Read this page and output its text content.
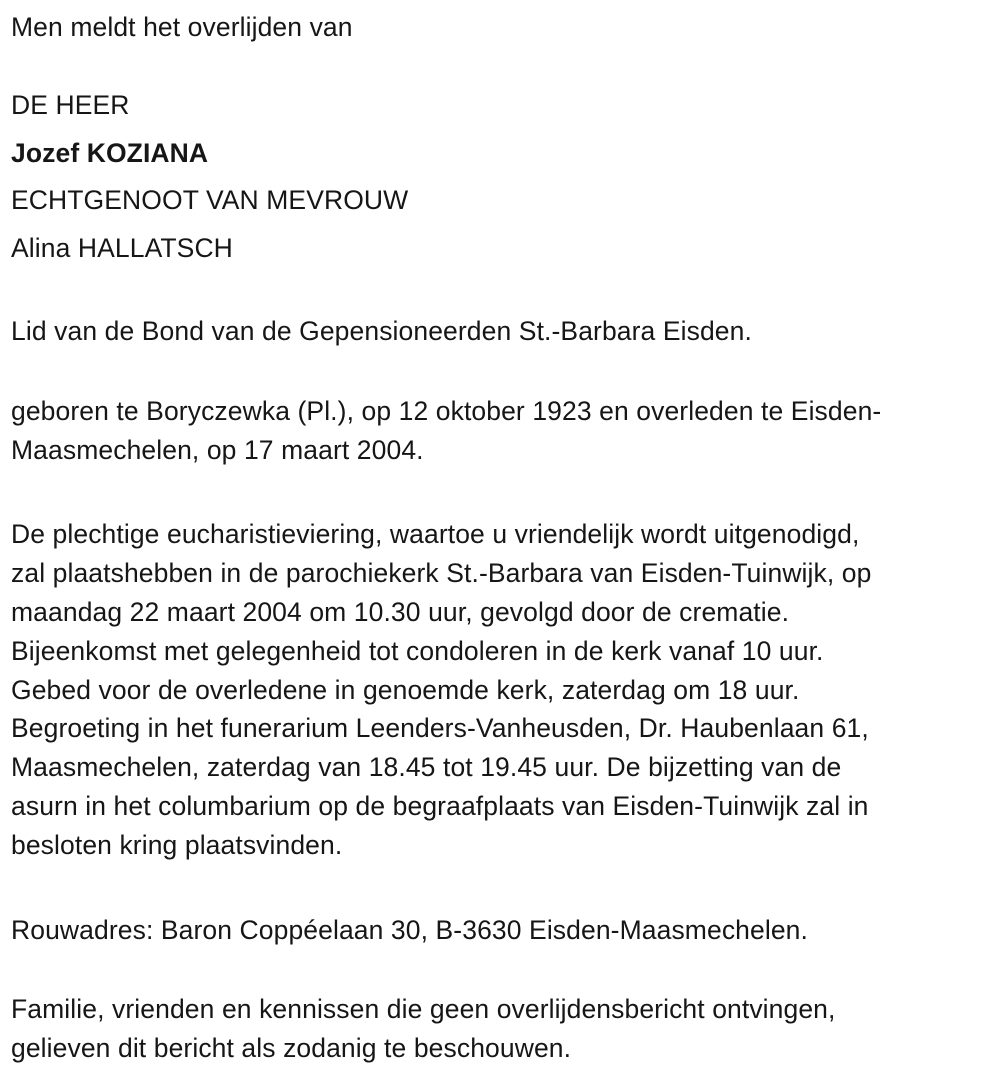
Men meldt het overlijden van
DE HEER
Jozef KOZIANA
ECHTGENOOT VAN MEVROUW
Alina HALLATSCH
Lid van de Bond van de Gepensioneerden St.-Barbara Eisden.
geboren te Boryczewka (Pl.), op 12 oktober 1923 en overleden te Eisden-
Maasmechelen, op 17 maart 2004.
De plechtige eucharistieviering, waartoe u vriendelijk wordt uitgenodigd,
zal plaatshebben in de parochiekerk St.-Barbara van Eisden-Tuinwijk, op
maandag 22 maart 2004 om 10.30 uur, gevolgd door de crematie.
Bijeenkomst met gelegenheid tot condoleren in de kerk vanaf 10 uur.
Gebed voor de overledene in genoemde kerk, zaterdag om 18 uur.
Begroeting in het funerarium Leenders-Vanheusden, Dr. Haubenlaan 61,
Maasmechelen, zaterdag van 18.45 tot 19.45 uur. De bijzetting van de
asurn in het columbarium op de begraafplaats van Eisden-Tuinwijk zal in
besloten kring plaatsvinden.
Rouwadres: Baron Coppéelaan 30, B-3630 Eisden-Maasmechelen.
Familie, vrienden en kennissen die geen overlijdensbericht ontvingen,
gelieven dit bericht als zodanig te beschouwen.
